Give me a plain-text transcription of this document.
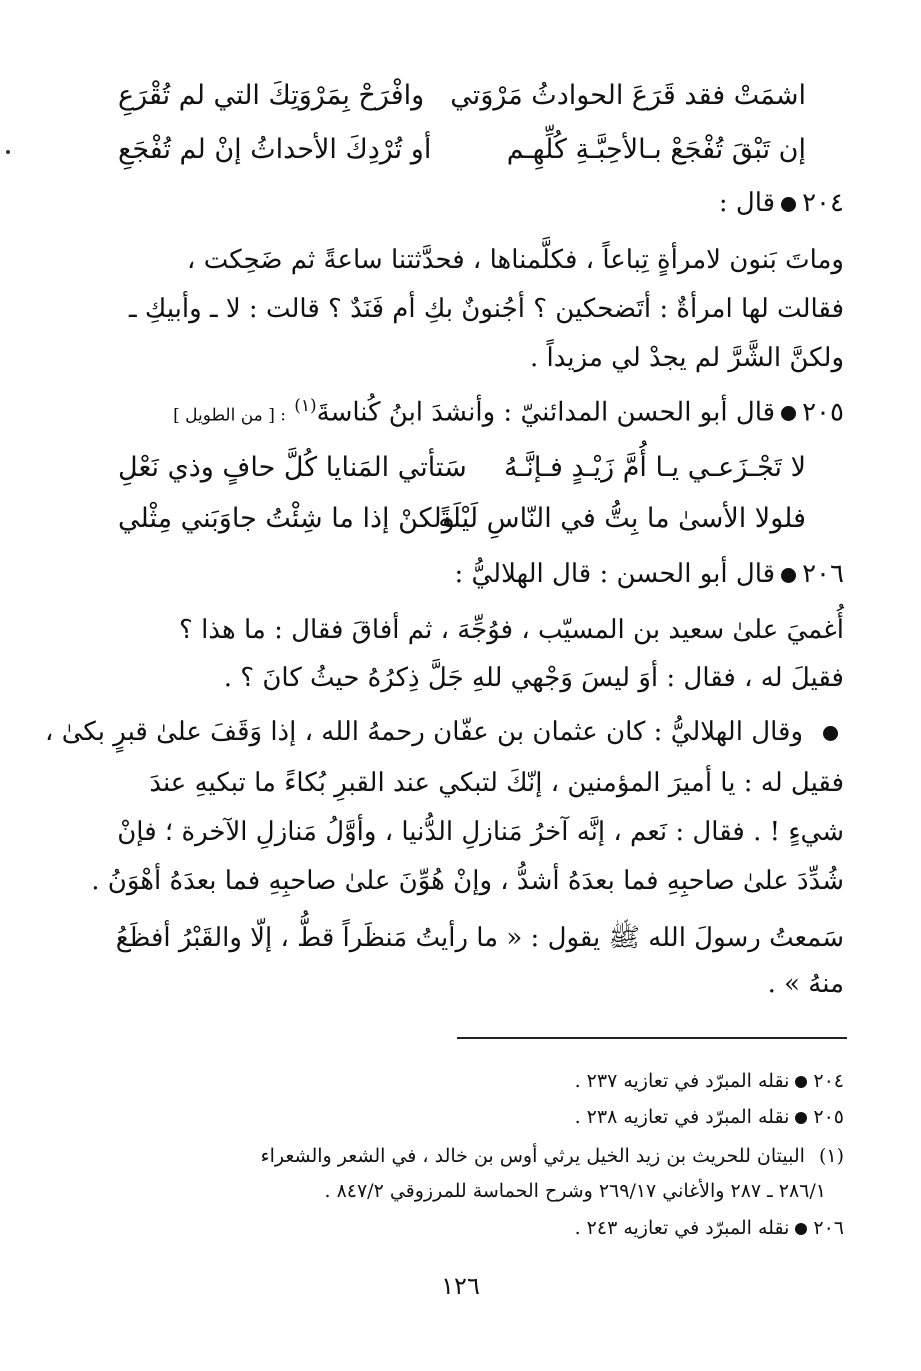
اشمَتْ فقد قَرَعَ الحوادثُ مَرْوَتي
وافْرَحْ بِمَرْوَتِكَ التي لم تُقْرَعِ
إن تَبْقَ تُفْجَعْ بـالأحِبَّـةِ كُلِّهِـم
أو تُرْدِكَ الأحداثُ إنْ لم تُفْجَعِ
٢٠٤قال :
وماتَ بَنون لامرأةٍ تِباعاً ، فكلَّمناها ، فحدَّثتنا ساعةً ثم ضَحِكت ،
فقالت لها امرأةٌ : أتَضحكين ؟ أجُنونٌ بكِ أم فَنَدٌ ؟ قالت : لا ـ وأبيكِ ـ
ولكنَّ الشَّرَّ لم يجدْ لي مزيداً .
٢٠٥قال أبو الحسن المدائنيّ : وأنشدَ ابنُ كُناسةَ$^{(١)}$ : [ من الطويل ]
لا تَجْـزَعـي يـا أُمَّ زَيْـدٍ فـإنَّـهُ
سَتأتي المَنايا كُلَّ حافٍ وذي نَعْلِ
فلولا الأسىٰ ما بِتُّ في النّاسِ لَيْلَةً
ولكنْ إذا ما شِئْتُ جاوَبَني مِثْلي
٢٠٦قال أبو الحسن : قال الهلاليُّ :
أُغميَ علىٰ سعيد بن المسيّب ، فوُجِّهَ ، ثم أفاقَ فقال : ما هذا ؟
فقيلَ له ، فقال : أوَ ليسَ وَجْهي للهِ جَلَّ ذِكرُهُ حيثُ كانَ ؟ .
وقال الهلاليُّ : كان عثمان بن عفّان رحمهُ الله ، إذا وَقَفَ علىٰ قبرٍ بكىٰ ،
فقيل له : يا أميرَ المؤمنين ، إنّكَ لتبكي عند القبرِ بُكاءً ما تبكيهِ عندَ
شيءٍ ! . فقال : نَعم ، إنَّه آخرُ مَنازلِ الدُّنيا ، وأوَّلُ مَنازلِ الآخرة ؛ فإنْ
شُدِّدَ علىٰ صاحبِهِ فما بعدَهُ أشدُّ ، وإنْ هُوِّنَ علىٰ صاحبِهِ فما بعدَهُ أهْوَنُ .
سَمعتُ رسولَ الله ﷺ يقول : « ما رأيتُ مَنظَراً قطُّ ، إلّا والقَبْرُ أفظَعُ
منهُ » .
٢٠٤نقله المبرّد في تعازيه ٢٣٧ .
٢٠٥نقله المبرّد في تعازيه ٢٣٨ .
(١)البيتان للحريث بن زيد الخيل يرثي أوس بن خالد ، في الشعر والشعراء
٢٨٦/١ ـ ٢٨٧ والأغاني ٢٦٩/١٧ وشرح الحماسة للمرزوقي ٨٤٧/٢ .
٢٠٦نقله المبرّد في تعازيه ٢٤٣ .
١٢٦
